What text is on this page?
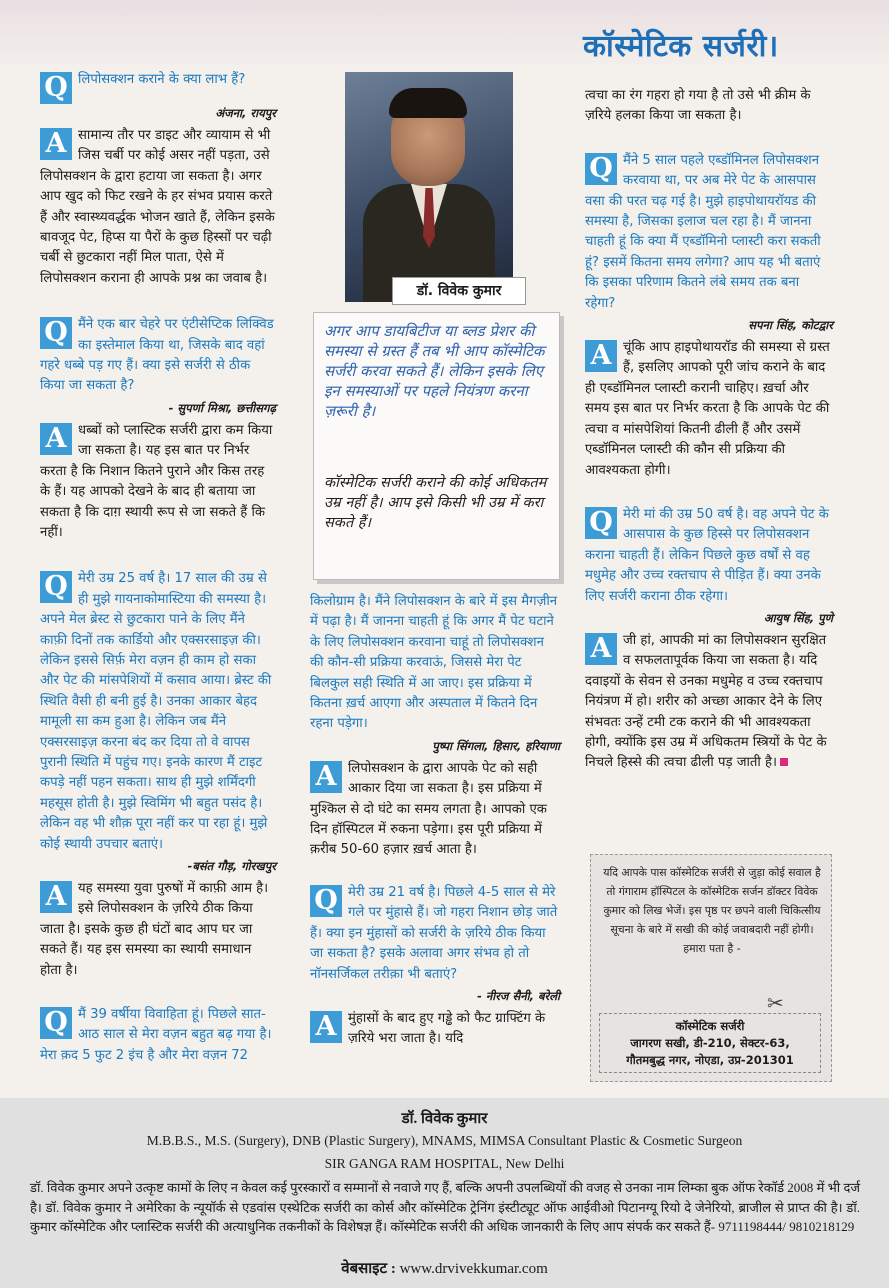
कॉस्मेटिक सर्जरी।
Q लिपोसक्शन कराने के क्या लाभ हैं?

अंजना, रायपुर
A सामान्य तौर पर डाइट और व्यायाम से भी जिस चर्बी पर कोई असर नहीं पड़ता, उसे लिपोसक्शन के द्वारा हटाया जा सकता है। अगर आप खुद को फिट रखने के हर संभव प्रयास करते हैं और स्वास्थ्यवर्द्धक भोजन खाते हैं, लेकिन इसके बावजूद पेट, हिप्स या पैरों के कुछ हिस्सों पर चढ़ी चर्बी से छुटकारा नहीं मिल पाता, ऐसे में लिपोसक्शन कराना ही आपके प्रश्न का जवाब है।

Q मैंने एक बार चेहरे पर एंटीसेप्टिक लिक्विड का इस्तेमाल किया था, जिसके बाद वहां गहरे धब्बे पड़ गए हैं। क्या इसे सर्जरी से ठीक किया जा सकता है?

- सुपर्णा मिश्रा, छत्तीसगढ़
A धब्बों को प्लास्टिक सर्जरी द्वारा कम किया जा सकता है। यह इस बात पर निर्भर करता है कि निशान कितने पुराने और किस तरह के हैं। यह आपको देखने के बाद ही बताया जा सकता है कि दाग़ स्थायी रूप से जा सकते हैं कि नहीं।

Q मेरी उम्र 25 वर्ष है। 17 साल की उम्र से ही मुझे गायनाकोमास्टिया की समस्या है। अपने मेल ब्रेस्ट से छुटकारा पाने के लिए मैंने काफ़ी दिनों तक कार्डियो और एक्सरसाइज़ की। लेकिन इससे सिर्फ़ मेरा वज़न ही काम हो सका और पेट की मांसपेशियों में कसाव आया। ब्रेस्ट की स्थिति वैसी ही बनी हुई है। उनका आकार बेहद मामूली सा कम हुआ है। लेकिन जब मैंने एक्सरसाइज़ करना बंद कर दिया तो वे वापस पुरानी स्थिति में पहुंच गए। इनके कारण मैं टाइट कपड़े नहीं पहन सकता। साथ ही मुझे शर्मिंदगी महसूस होती है। मुझे स्विमिंग भी बहुत पसंद है। लेकिन वह भी शौक़ पूरा नहीं कर पा रहा हूं। मुझे कोई स्थायी उपचार बताएं।

-बसंत गौड़, गोरखपुर
A यह समस्या युवा पुरुषों में काफ़ी आम है। इसे लिपोसक्शन के ज़रिये ठीक किया जाता है। इसके कुछ ही घंटों बाद आप घर जा सकते हैं। यह इस समस्या का स्थायी समाधान होता है।

Q मैं 39 वर्षीया विवाहिता हूं। पिछले सात-आठ साल से मेरा वज़न बहुत बढ़ गया है। मेरा क़द 5 फुट 2 इंच है और मेरा वज़न 72

डॉ. विवेक कुमार
अगर आप डायबिटीज या ब्लड प्रेशर की समस्या से ग्रस्त हैं तब भी आप कॉस्मेटिक सर्जरी करवा सकते हैं। लेकिन इसके लिए इन समस्याओं पर पहले नियंत्रण करना ज़रूरी है।
कॉस्मेटिक सर्जरी कराने की कोई अधिकतम उम्र नहीं है। आप इसे किसी भी उम्र में करा सकते हैं।

किलोग्राम है। मैंने लिपोसक्शन के बारे में इस मैगज़ीन में पढ़ा है। मैं जानना चाहती हूं कि अगर मैं पेट घटाने के लिए लिपोसक्शन करवाना चाहूं तो लिपोसक्शन की कौन-सी प्रक्रिया करवाऊं, जिससे मेरा पेट बिलकुल सही स्थिति में आ जाए। इस प्रक्रिया में कितना ख़र्च आएगा और अस्पताल में कितने दिन रहना पड़ेगा।

पुष्पा सिंगला, हिसार, हरियाणा
A लिपोसक्शन के द्वारा आपके पेट को सही आकार दिया जा सकता है। इस प्रक्रिया में मुश्किल से दो घंटे का समय लगता है। आपको एक दिन हॉस्पिटल में रुकना पड़ेगा। इस पूरी प्रक्रिया में क़रीब 50-60 हज़ार ख़र्च आता है।

Q मेरी उम्र 21 वर्ष है। पिछले 4-5 साल से मेरे गले पर मुंहासे हैं। जो गहरा निशान छोड़ जाते हैं। क्या इन मुंहासों को सर्जरी के ज़रिये ठीक किया जा सकता है? इसके अलावा अगर संभव हो तो नॉनसर्जिकल तरीक़ा भी बताएं?

- नीरज सैनी, बरेली
A मुंहासों के बाद हुए गड्ढे को फैट ग्राफ्टिंग के ज़रिये भरा जाता है। यदि

त्वचा का रंग गहरा हो गया है तो उसे भी क्रीम के ज़रिये हलका किया जा सकता है।

Q मैंने 5 साल पहले एब्डॉमिनल लिपोसक्शन करवाया था, पर अब मेरे पेट के आसपास वसा की परत चढ़ गई है। मुझे हाइपोथायरॉयड की समस्या है, जिसका इलाज चल रहा है। मैं जानना चाहती हूं कि क्या मैं एब्डॉमिनो प्लास्टी करा सकती हूं? इसमें कितना समय लगेगा? आप यह भी बताएं कि इसका परिणाम कितने लंबे समय तक बना रहेगा?

सपना सिंह, कोटद्वार
A चूंकि आप हाइपोथायरॉड की समस्या से ग्रस्त हैं, इसलिए आपको पूरी जांच कराने के बाद ही एब्डॉमिनल प्लास्टी करानी चाहिए। ख़र्चा और समय इस बात पर निर्भर करता है कि आपके पेट की त्वचा व मांसपेशियां कितनी ढीली हैं और उसमें एब्डॉमिनल प्लास्टी की कौन सी प्रक्रिया की आवश्यकता होगी।

Q मेरी मां की उम्र 50 वर्ष है। वह अपने पेट के आसपास के कुछ हिस्से पर लिपोसक्शन कराना चाहती हैं। लेकिन पिछले कुछ वर्षों से वह मधुमेह और उच्च रक्तचाप से पीड़ित हैं। क्या उनके लिए सर्जरी कराना ठीक रहेगा।

आयुष सिंह, पुणे
A जी हां, आपकी मां का लिपोसक्शन सुरक्षित व सफलतापूर्वक किया जा सकता है। यदि दवाइयों के सेवन से उनका मधुमेह व उच्च रक्तचाप नियंत्रण में हो। शरीर को अच्छा आकार देने के लिए संभवतः उन्हें टमी टक कराने की भी आवश्यकता होगी, क्योंकि इस उम्र में अधिकतम स्त्रियों के पेट के निचले हिस्से की त्वचा ढीली पड़ जाती है।

यदि आपके पास कॉस्मेटिक सर्जरी से जुड़ा कोई सवाल है तो गंगाराम हॉस्पिटल के कॉस्मेटिक सर्जन डॉक्टर विवेक कुमार को लिख भेजें। इस पृष्ठ पर छपने वाली चिकित्सीय सूचना के बारे में सखी की कोई जवाबदारी नहीं होगी।
हमारा पता है -
✂
कॉस्मेटिक सर्जरी
जागरण सखी, डी-210, सेक्टर-63,
गौतमबुद्ध नगर, नोएडा, उप्र-201301
डॉ. विवेक कुमार
M.B.B.S., M.S. (Surgery), DNB (Plastic Surgery), MNAMS, MIMSA Consultant Plastic & Cosmetic Surgeon
SIR GANGA RAM HOSPITAL, New Delhi
डॉ. विवेक कुमार अपने उत्कृष्ट कामों के लिए न केवल कई पुरस्कारों व सम्मानों से नवाजे गए हैं, बल्कि अपनी उपलब्धियों की वजह से उनका नाम लिम्का बुक ऑफ रेकॉर्ड 2008 में भी दर्ज है। डॉ. विवेक कुमार ने अमेरिका के न्यूयॉर्क से एडवांस एस्थेटिक सर्जरी का कोर्स और कॉस्मेटिक ट्रेनिंग इंस्टीट्यूट ऑफ आईवीओ पिटानग्यू रियो दे जेनेरियो, ब्राजील से प्राप्त की है। डॉ. कुमार कॉस्मेटिक और प्लास्टिक सर्जरी की अत्याधुनिक तकनीकों के विशेषज्ञ हैं। कॉस्मेटिक सर्जरी की अधिक जानकारी के लिए आप संपर्क कर सकते हैं- 9711198444/ 9810218129
वेबसाइट : www.drvivekkumar.com
